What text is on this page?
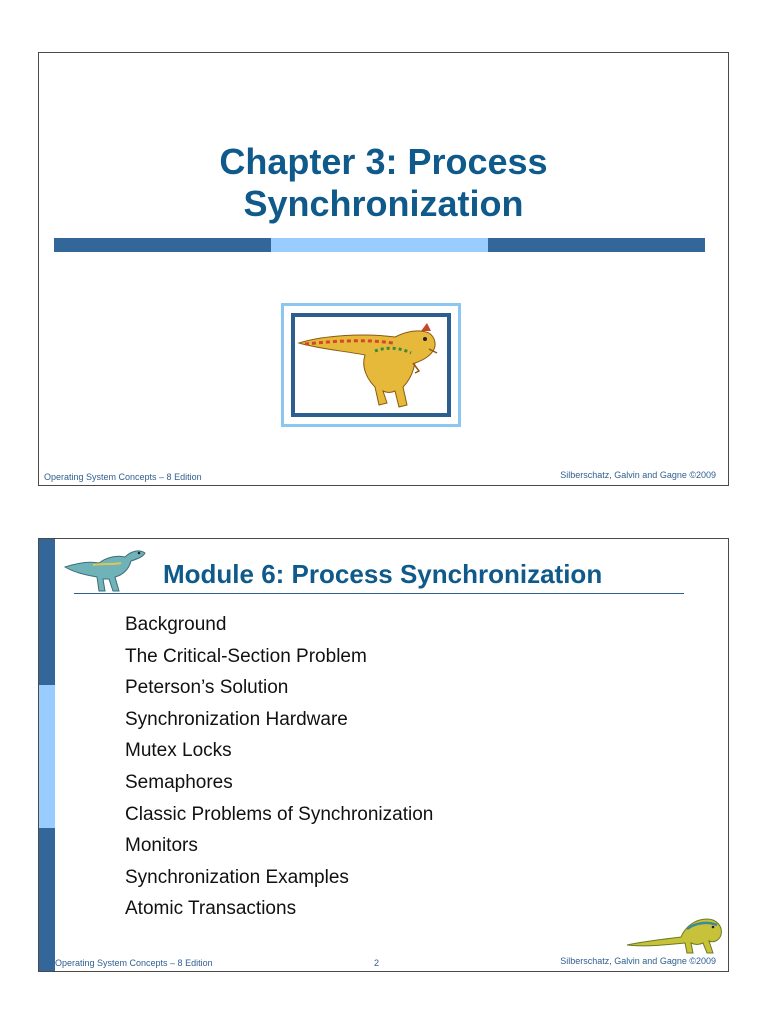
Chapter 3: Process
Synchronization
Operating System Concepts – 8 Edition	Silberschatz, Galvin and Gagne ©2009
Module 6: Process Synchronization
Background
The Critical-Section Problem
Peterson’s Solution
Synchronization Hardware
Mutex Locks
Semaphores
Classic Problems of Synchronization
Monitors
Synchronization Examples
Atomic Transactions
Operating System Concepts – 8 Edition	2	Silberschatz, Galvin and Gagne ©2009
